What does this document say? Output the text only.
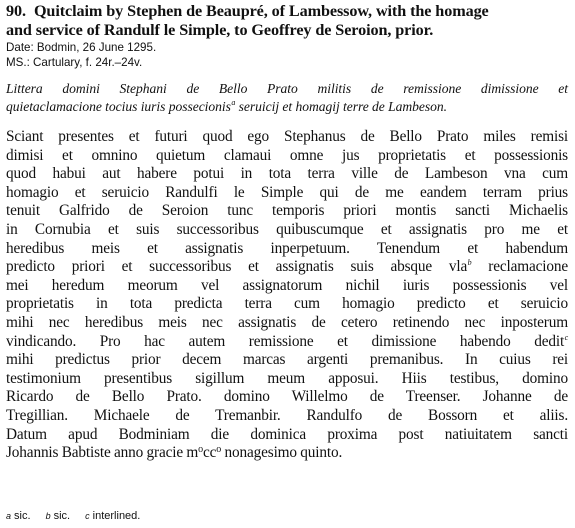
90. Quitclaim by Stephen de Beaupré, of Lambessow, with the homage
and service of Randulf le Simple, to Geoffrey de Seroion, prior.
Date: Bodmin, 26 June 1295.
MS.: Cartulary, f. 24r.–24v.
Littera domini Stephani de Bello Prato militis de remissione dimissione et
quietaclamacione tocius iuris possecionis$^a$ seruicij et homagij terre de Lambeson.
Sciant presentes et futuri quod ego Stephanus de Bello Prato miles remisi
dimisi et omnino quietum clamaui omne jus proprietatis et possessionis
quod habui aut habere potui in tota terra ville de Lambeson vna cum
homagio et seruicio Randulfi le Simple qui de me eandem terram prius
tenuit Galfrido de Seroion tunc temporis priori montis sancti Michaelis
in Cornubia et suis successoribus quibuscumque et assignatis pro me et
heredibus meis et assignatis inperpetuum. Tenendum et habendum
predicto priori et successoribus et assignatis suis absque vla$^b$ reclamacione
mei heredum meorum vel assignatorum nichil iuris possessionis vel
proprietatis in tota predicta terra cum homagio predicto et seruicio
mihi nec heredibus meis nec assignatis de cetero retinendo nec inposterum
vindicando. Pro hac autem remissione et dimissione habendo dedit$^c$
mihi predictus prior decem marcas argenti premanibus. In cuius rei
testimonium presentibus sigillum meum apposui. Hiis testibus, domino
Ricardo de Bello Prato. domino Willelmo de Treenser. Johanne de
Tregillian. Michaele de Tremanbir. Randulfo de Bossorn et aliis.
Datum apud Bodminiam die dominica proxima post natiuitatem sancti
Johannis Babtiste anno gracie $m^occ^o$ nonagesimo quinto.
a sic. b sic. c interlined.
